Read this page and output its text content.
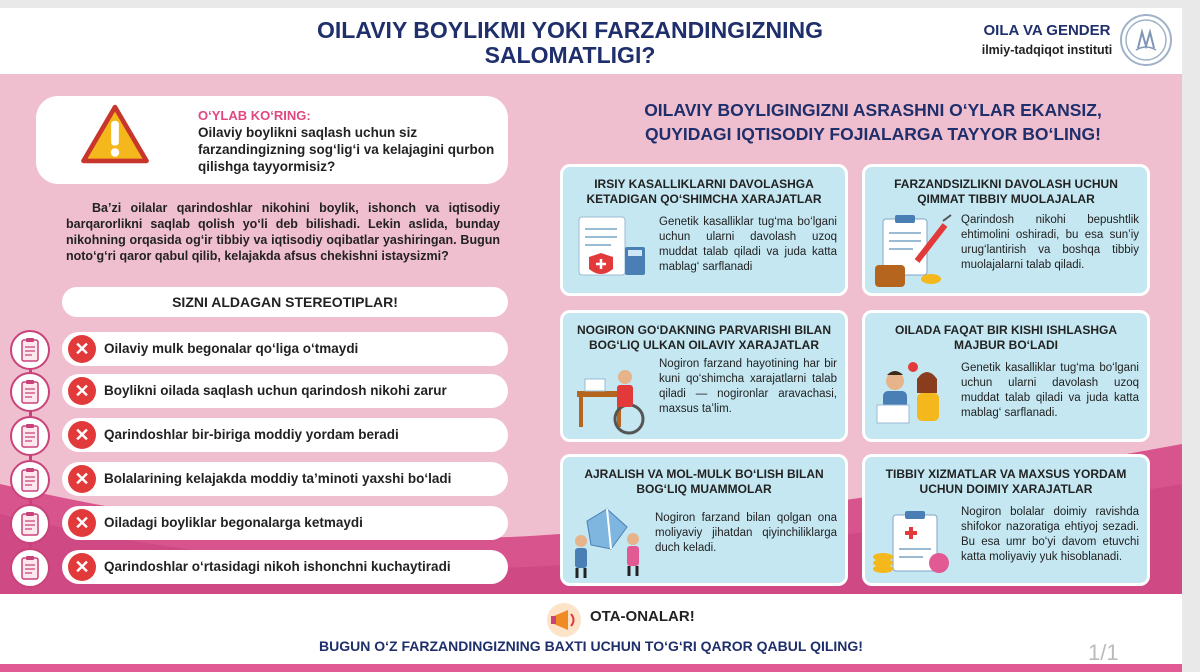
OILAVIY BOYLIKMI YOKI FARZANDINGIZNING
SALOMATLIGI?
OILA VA GENDER
ilmiy-tadqiqot instituti
O‘YLAB KO‘RING:
Oilaviy boylikni saqlash uchun siz farzandingizning sog‘lig‘i va kelajagini qurbon qilishga tayyormisiz?
Ba’zi oilalar qarindoshlar nikohini boylik, ishonch va iqtisodiy barqarorlikni saqlab qolish yo‘li deb bilishadi. Lekin aslida, bunday nikohning orqasida og‘ir tibbiy va iqtisodiy oqibatlar yashiringan. Bugun noto‘g‘ri qaror qabul qilib, kelajakda afsus chekishni istaysizmi?
SIZNI ALDAGAN STEREOTIPLAR!
✕	Oilaviy mulk begonalar qo‘liga o‘tmaydi
✕	Boylikni oilada saqlash uchun qarindosh nikohi zarur
✕	Qarindoshlar bir-biriga moddiy yordam beradi
✕	Bolalarining kelajakda moddiy ta’minoti yaxshi bo‘ladi
✕	Oiladagi boyliklar begonalarga ketmaydi
✕	Qarindoshlar o‘rtasidagi nikoh ishonchni kuchaytiradi
OILAVIY BOYLIGINGIZNI ASRASHNI O‘YLAR EKANSIZ,
QUYIDAGI IQTISODIY FOJIALARGA TAYYOR BO‘LING!
IRSIY KASALLIKLARNI DAVOLASHGA KETADIGAN QO‘SHIMCHA XARAJATLAR
Genetik kasalliklar tug‘ma bo‘lgani uchun ularni davolash uzoq muddat talab qiladi va juda katta mablag‘ sarflanadi
FARZANDSIZLIKNI DAVOLASH UCHUN QIMMAT TIBBIY MUOLAJALAR
Qarindosh nikohi bepushtlik ehtimolini oshiradi, bu esa sun’iy urug‘lantirish va boshqa tibbiy muolajalarni talab qiladi.
NOGIRON GO‘DAKNING PARVARISHI BILAN BOG‘LIQ ULKAN OILAVIY XARAJATLAR
Nogiron farzand hayotining har bir kuni qo‘shimcha xarajatlarni talab qiladi — nogironlar aravachasi, maxsus ta’lim.
OILADA FAQAT BIR KISHI ISHLASHGA MAJBUR BO‘LADI
Genetik kasalliklar tug‘ma bo‘lgani uchun ularni davolash uzoq muddat talab qiladi va juda katta mablag‘ sarflanadi.
AJRALISH VA MOL-MULK BO‘LISH BILAN BOG‘LIQ MUAMMOLAR
Nogiron farzand bilan qolgan ona moliyaviy jihatdan qiyinchiliklarga duch keladi.
TIBBIY XIZMATLAR VA MAXSUS YORDAM UCHUN DOIMIY XARAJATLAR
Nogiron bolalar doimiy ravishda shifokor nazoratiga ehtiyoj sezadi. Bu esa umr bo‘yi davom etuvchi katta moliyaviy yuk hisoblanadi.
OTA-ONALAR!
BUGUN O‘Z FARZANDINGIZNING BAXTI UCHUN TO‘G‘RI QAROR QABUL QILING!	1/1
